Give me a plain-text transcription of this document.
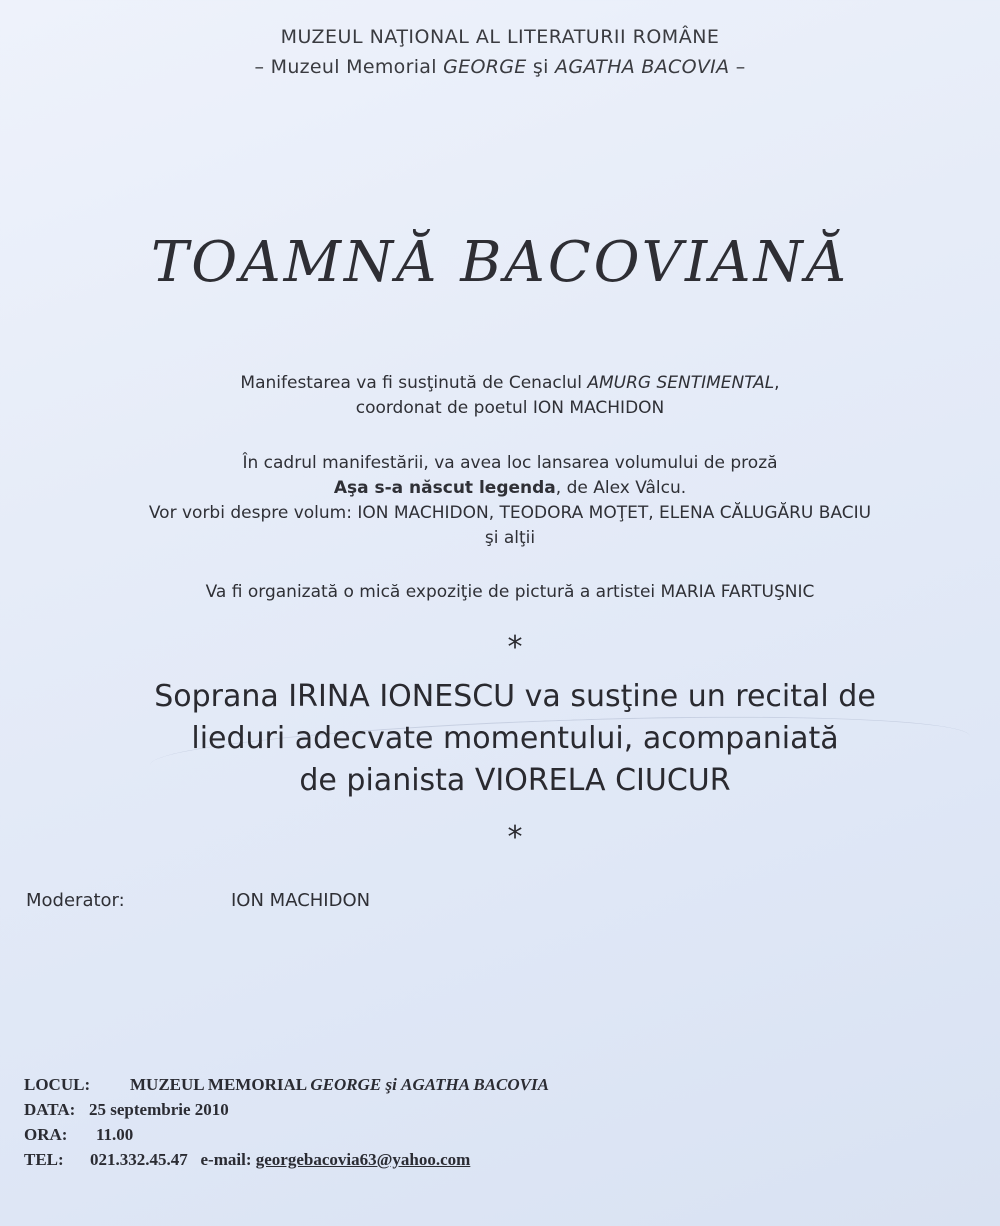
MUZEUL NAŢIONAL AL LITERATURII ROMÂNE
– Muzeul Memorial GEORGE şi AGATHA BACOVIA –
TOAMNĂ BACOVIANĂ
Manifestarea va fi susţinută de Cenaclul AMURG SENTIMENTAL,
coordonat de poetul ION MACHIDON
În cadrul manifestării, va avea loc lansarea volumului de proză
Aşa s-a născut legenda, de Alex Vâlcu.
Vor vorbi despre volum: ION MACHIDON, TEODORA MOŢET, ELENA CĂLUGĂRU BACIU
şi alţii
Va fi organizată o mică expoziţie de pictură a artistei MARIA FARTUŞNIC
*
Soprana IRINA IONESCU va susţine un recital de
lieduri adecvate momentului, acompaniată
de pianista VIORELA CIUCUR
*
Moderator:	ION MACHIDON
LOCUL: MUZEUL MEMORIAL GEORGE şi AGATHA BACOVIA
DATA: 25 septembrie 2010
ORA: 11.00
TEL: 021.332.45.47 e-mail: georgebacovia63@yahoo.com
